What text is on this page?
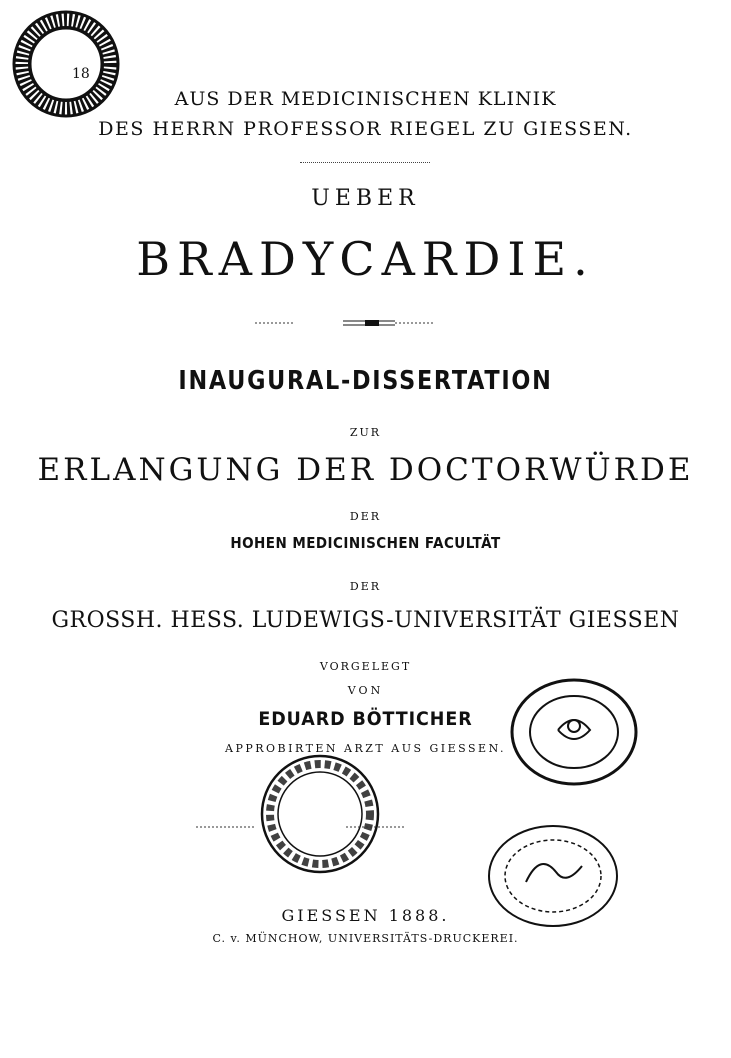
18
AUS DER MEDICINISCHEN KLINIK
DES HERRN PROFESSOR RIEGEL ZU GIESSEN.
UEBER
BRADYCARDIE.
INAUGURAL-DISSERTATION
ZUR
ERLANGUNG DER DOCTORWÜRDE
DER
HOHEN MEDICINISCHEN FACULTÄT
DER
GROSSH. HESS. LUDEWIGS-UNIVERSITÄT GIESSEN
VORGELEGT
VON
EDUARD BÖTTICHER
APPROBIRTEN ARZT AUS GIESSEN.
GIESSEN 1888.
C. v. MÜNCHOW, UNIVERSITÄTS-DRUCKEREI.
